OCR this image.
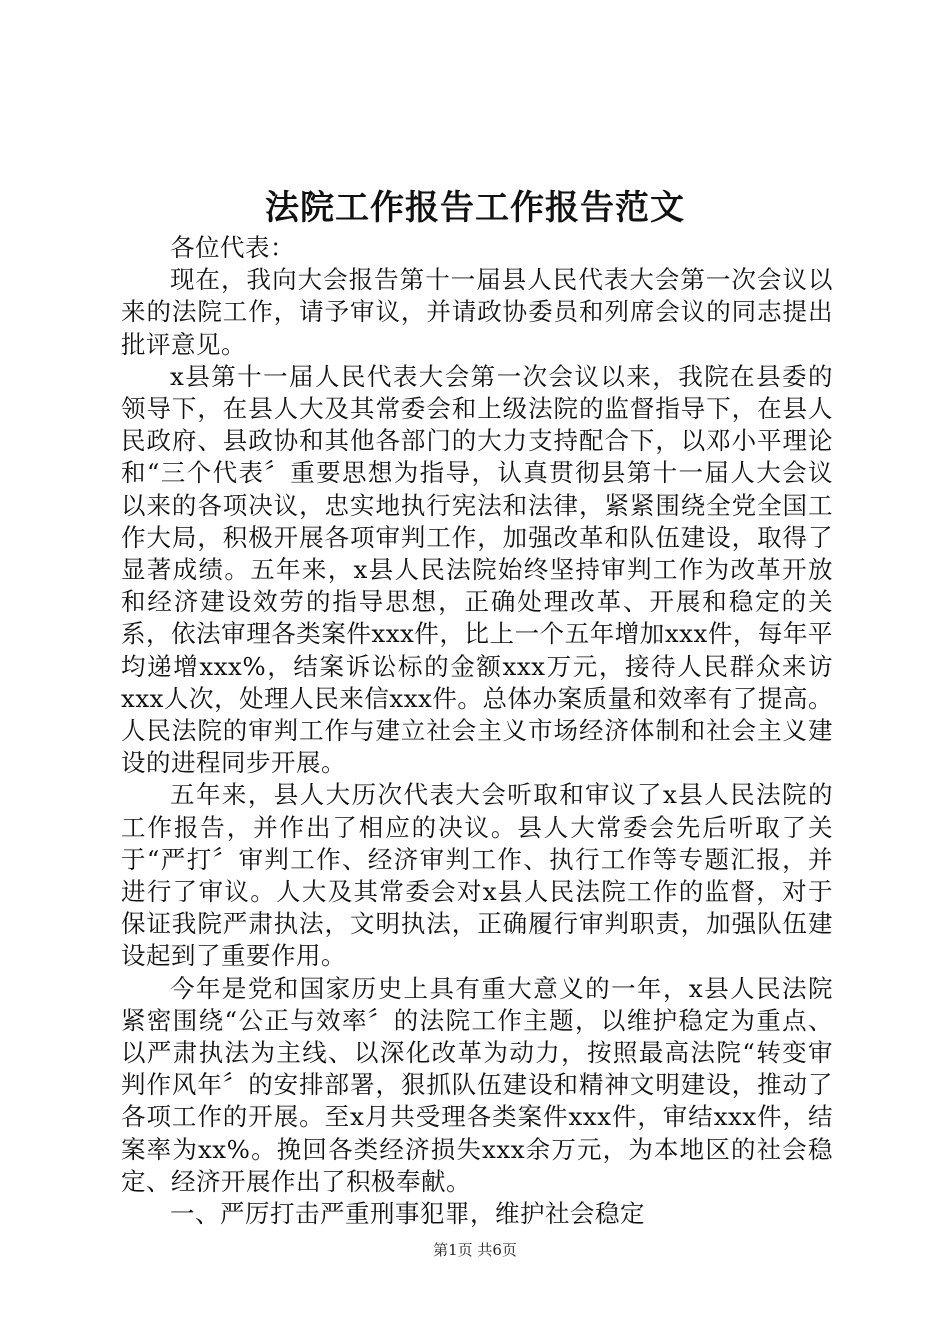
法院工作报告工作报告范文

各位代表：

现在，我向大会报告第十一届县人民代表大会第一次会议以来的法院工作，请予审议，并请政协委员和列席会议的同志提出批评意见。

x县第十一届人民代表大会第一次会议以来，我院在县委的领导下，在县人大及其常委会和上级法院的监督指导下，在县人民政府、县政协和其他各部门的大力支持配合下，以邓小平理论和“三个代表〞重要思想为指导，认真贯彻县第十一届人大会议以来的各项决议，忠实地执行宪法和法律，紧紧围绕全党全国工作大局，积极开展各项审判工作，加强改革和队伍建设，取得了显著成绩。五年来，x县人民法院始终坚持审判工作为改革开放和经济建设效劳的指导思想，正确处理改革、开展和稳定的关系，依法审理各类案件xxx件，比上一个五年增加xxx件，每年平均递增xxx%，结案诉讼标的金额xxx万元，接待人民群众来访xxx人次，处理人民来信xxx件。总体办案质量和效率有了提高。人民法院的审判工作与建立社会主义市场经济体制和社会主义建设的进程同步开展。

五年来，县人大历次代表大会听取和审议了x县人民法院的工作报告，并作出了相应的决议。县人大常委会先后听取了关于“严打〞审判工作、经济审判工作、执行工作等专题汇报，并进行了审议。人大及其常委会对x县人民法院工作的监督，对于保证我院严肃执法，文明执法，正确履行审判职责，加强队伍建设起到了重要作用。

今年是党和国家历史上具有重大意义的一年，x县人民法院紧密围绕“公正与效率〞的法院工作主题，以维护稳定为重点、以严肃执法为主线、以深化改革为动力，按照最高法院“转变审判作风年〞的安排部署，狠抓队伍建设和精神文明建设，推动了各项工作的开展。至x月共受理各类案件xxx件，审结xxx件，结案率为xx%。挽回各类经济损失xxx余万元，为本地区的社会稳定、经济开展作出了积极奉献。

一、严厉打击严重刑事犯罪，维护社会稳定

第1页 共6页
